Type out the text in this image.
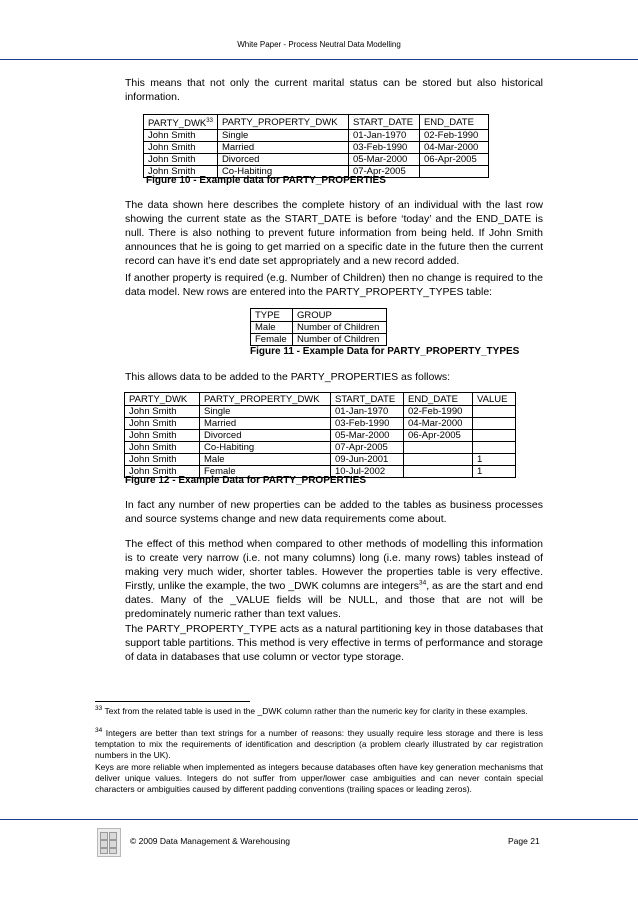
White Paper - Process Neutral Data Modelling

This means that not only the current marital status can be stored but also historical information.

PARTY_DWK$^{33}$	PARTY_PROPERTY_DWK	START_DATE	END_DATE
John Smith	Single	01-Jan-1970	02-Feb-1990
John Smith	Married	03-Feb-1990	04-Mar-2000
John Smith	Divorced	05-Mar-2000	06-Apr-2005
John Smith	Co-Habiting	07-Apr-2005	
Figure 10 - Example data for PARTY_PROPERTIES

The data shown here describes the complete history of an individual with the last row showing the current state as the START_DATE is before ‘today’ and the END_DATE is null. There is also nothing to prevent future information from being held. If John Smith announces that he is going to get married on a specific date in the future then the current record can have it’s end date set appropriately and a new record added.

If another property is required (e.g. Number of Children) then no change is required to the data model. New rows are entered into the PARTY_PROPERTY_TYPES table:

TYPE	GROUP
Male	Number of Children
Female	Number of Children
Figure 11 - Example Data for PARTY_PROPERTY_TYPES

This allows data to be added to the PARTY_PROPERTIES as follows:

PARTY_DWK	PARTY_PROPERTY_DWK	START_DATE	END_DATE	VALUE
John Smith	Single	01-Jan-1970	02-Feb-1990	
John Smith	Married	03-Feb-1990	04-Mar-2000	
John Smith	Divorced	05-Mar-2000	06-Apr-2005	
John Smith	Co-Habiting	07-Apr-2005		
John Smith	Male	09-Jun-2001		1
John Smith	Female	10-Jul-2002		1
Figure 12 - Example Data for PARTY_PROPERTIES

In fact any number of new properties can be added to the tables as business processes and source systems change and new data requirements come about.

The effect of this method when compared to other methods of modelling this information is to create very narrow (i.e. not many columns) long (i.e. many rows) tables instead of making very much wider, shorter tables. However the properties table is very effective. Firstly, unlike the example, the two _DWK columns are integers$^{34}$, as are the start and end dates. Many of the _VALUE fields will be NULL, and those that are not will be predominately numeric rather than text values.

The PARTY_PROPERTY_TYPE acts as a natural partitioning key in those databases that support table partitions. This method is very effective in terms of performance and storage of data in databases that use column or vector type storage.

$^{33}$ Text from the related table is used in the _DWK column rather than the numeric key for clarity in these examples.

$^{34}$ Integers are better than text strings for a number of reasons: they usually require less storage and there is less temptation to mix the requirements of identification and description (a problem clearly illustrated by car registration numbers in the UK).

Keys are more reliable when implemented as integers because databases often have key generation mechanisms that deliver unique values. Integers do not suffer from upper/lower case ambiguities and can never contain special characters or ambiguities caused by different padding conventions (trailing spaces or leading zeros).

© 2009 Data Management & Warehousing	Page 21
